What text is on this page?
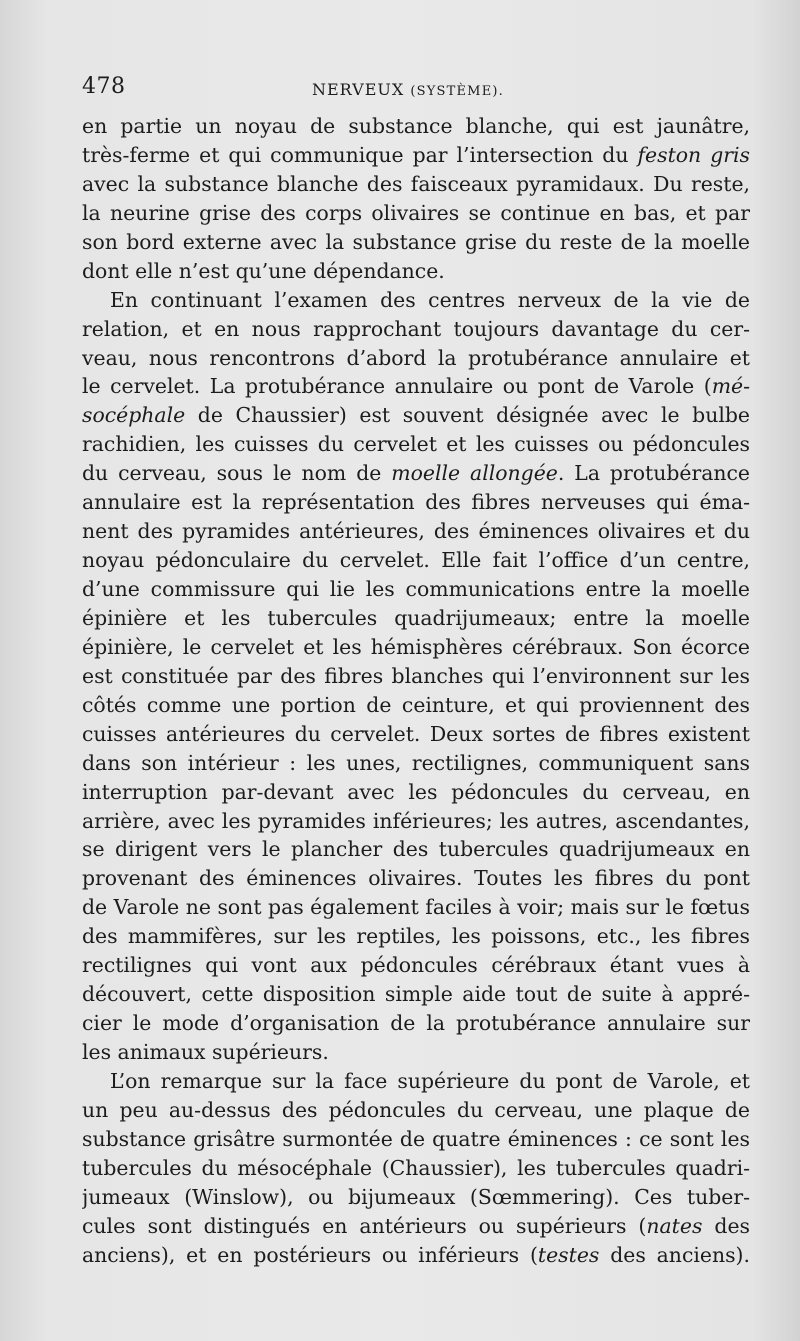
478	NERVEUX (SYSTÈME).
en partie un noyau de substance blanche, qui est jaunâtre,
très-ferme et qui communique par l’intersection du feston gris
avec la substance blanche des faisceaux pyramidaux. Du reste,
la neurine grise des corps olivaires se continue en bas, et par
son bord externe avec la substance grise du reste de la moelle
dont elle n’est qu’une dépendance.
En continuant l’examen des centres nerveux de la vie de
relation, et en nous rapprochant toujours davantage du cer-
veau, nous rencontrons d’abord la protubérance annulaire et
le cervelet. La protubérance annulaire ou pont de Varole (mé-
socéphale de Chaussier) est souvent désignée avec le bulbe
rachidien, les cuisses du cervelet et les cuisses ou pédoncules
du cerveau, sous le nom de moelle allongée. La protubérance
annulaire est la représentation des fibres nerveuses qui éma-
nent des pyramides antérieures, des éminences olivaires et du
noyau pédonculaire du cervelet. Elle fait l’office d’un centre,
d’une commissure qui lie les communications entre la moelle
épinière et les tubercules quadrijumeaux; entre la moelle
épinière, le cervelet et les hémisphères cérébraux. Son écorce
est constituée par des fibres blanches qui l’environnent sur les
côtés comme une portion de ceinture, et qui proviennent des
cuisses antérieures du cervelet. Deux sortes de fibres existent
dans son intérieur : les unes, rectilignes, communiquent sans
interruption par-devant avec les pédoncules du cerveau, en
arrière, avec les pyramides inférieures; les autres, ascendantes,
se dirigent vers le plancher des tubercules quadrijumeaux en
provenant des éminences olivaires. Toutes les fibres du pont
de Varole ne sont pas également faciles à voir; mais sur le fœtus
des mammifères, sur les reptiles, les poissons, etc., les fibres
rectilignes qui vont aux pédoncules cérébraux étant vues à
découvert, cette disposition simple aide tout de suite à appré-
cier le mode d’organisation de la protubérance annulaire sur
les animaux supérieurs.
L’on remarque sur la face supérieure du pont de Varole, et
un peu au-dessus des pédoncules du cerveau, une plaque de
substance grisâtre surmontée de quatre éminences : ce sont les
tubercules du mésocéphale (Chaussier), les tubercules quadri-
jumeaux (Winslow), ou bijumeaux (Sœmmering). Ces tuber-
cules sont distingués en antérieurs ou supérieurs (nates des
anciens), et en postérieurs ou inférieurs (testes des anciens).
